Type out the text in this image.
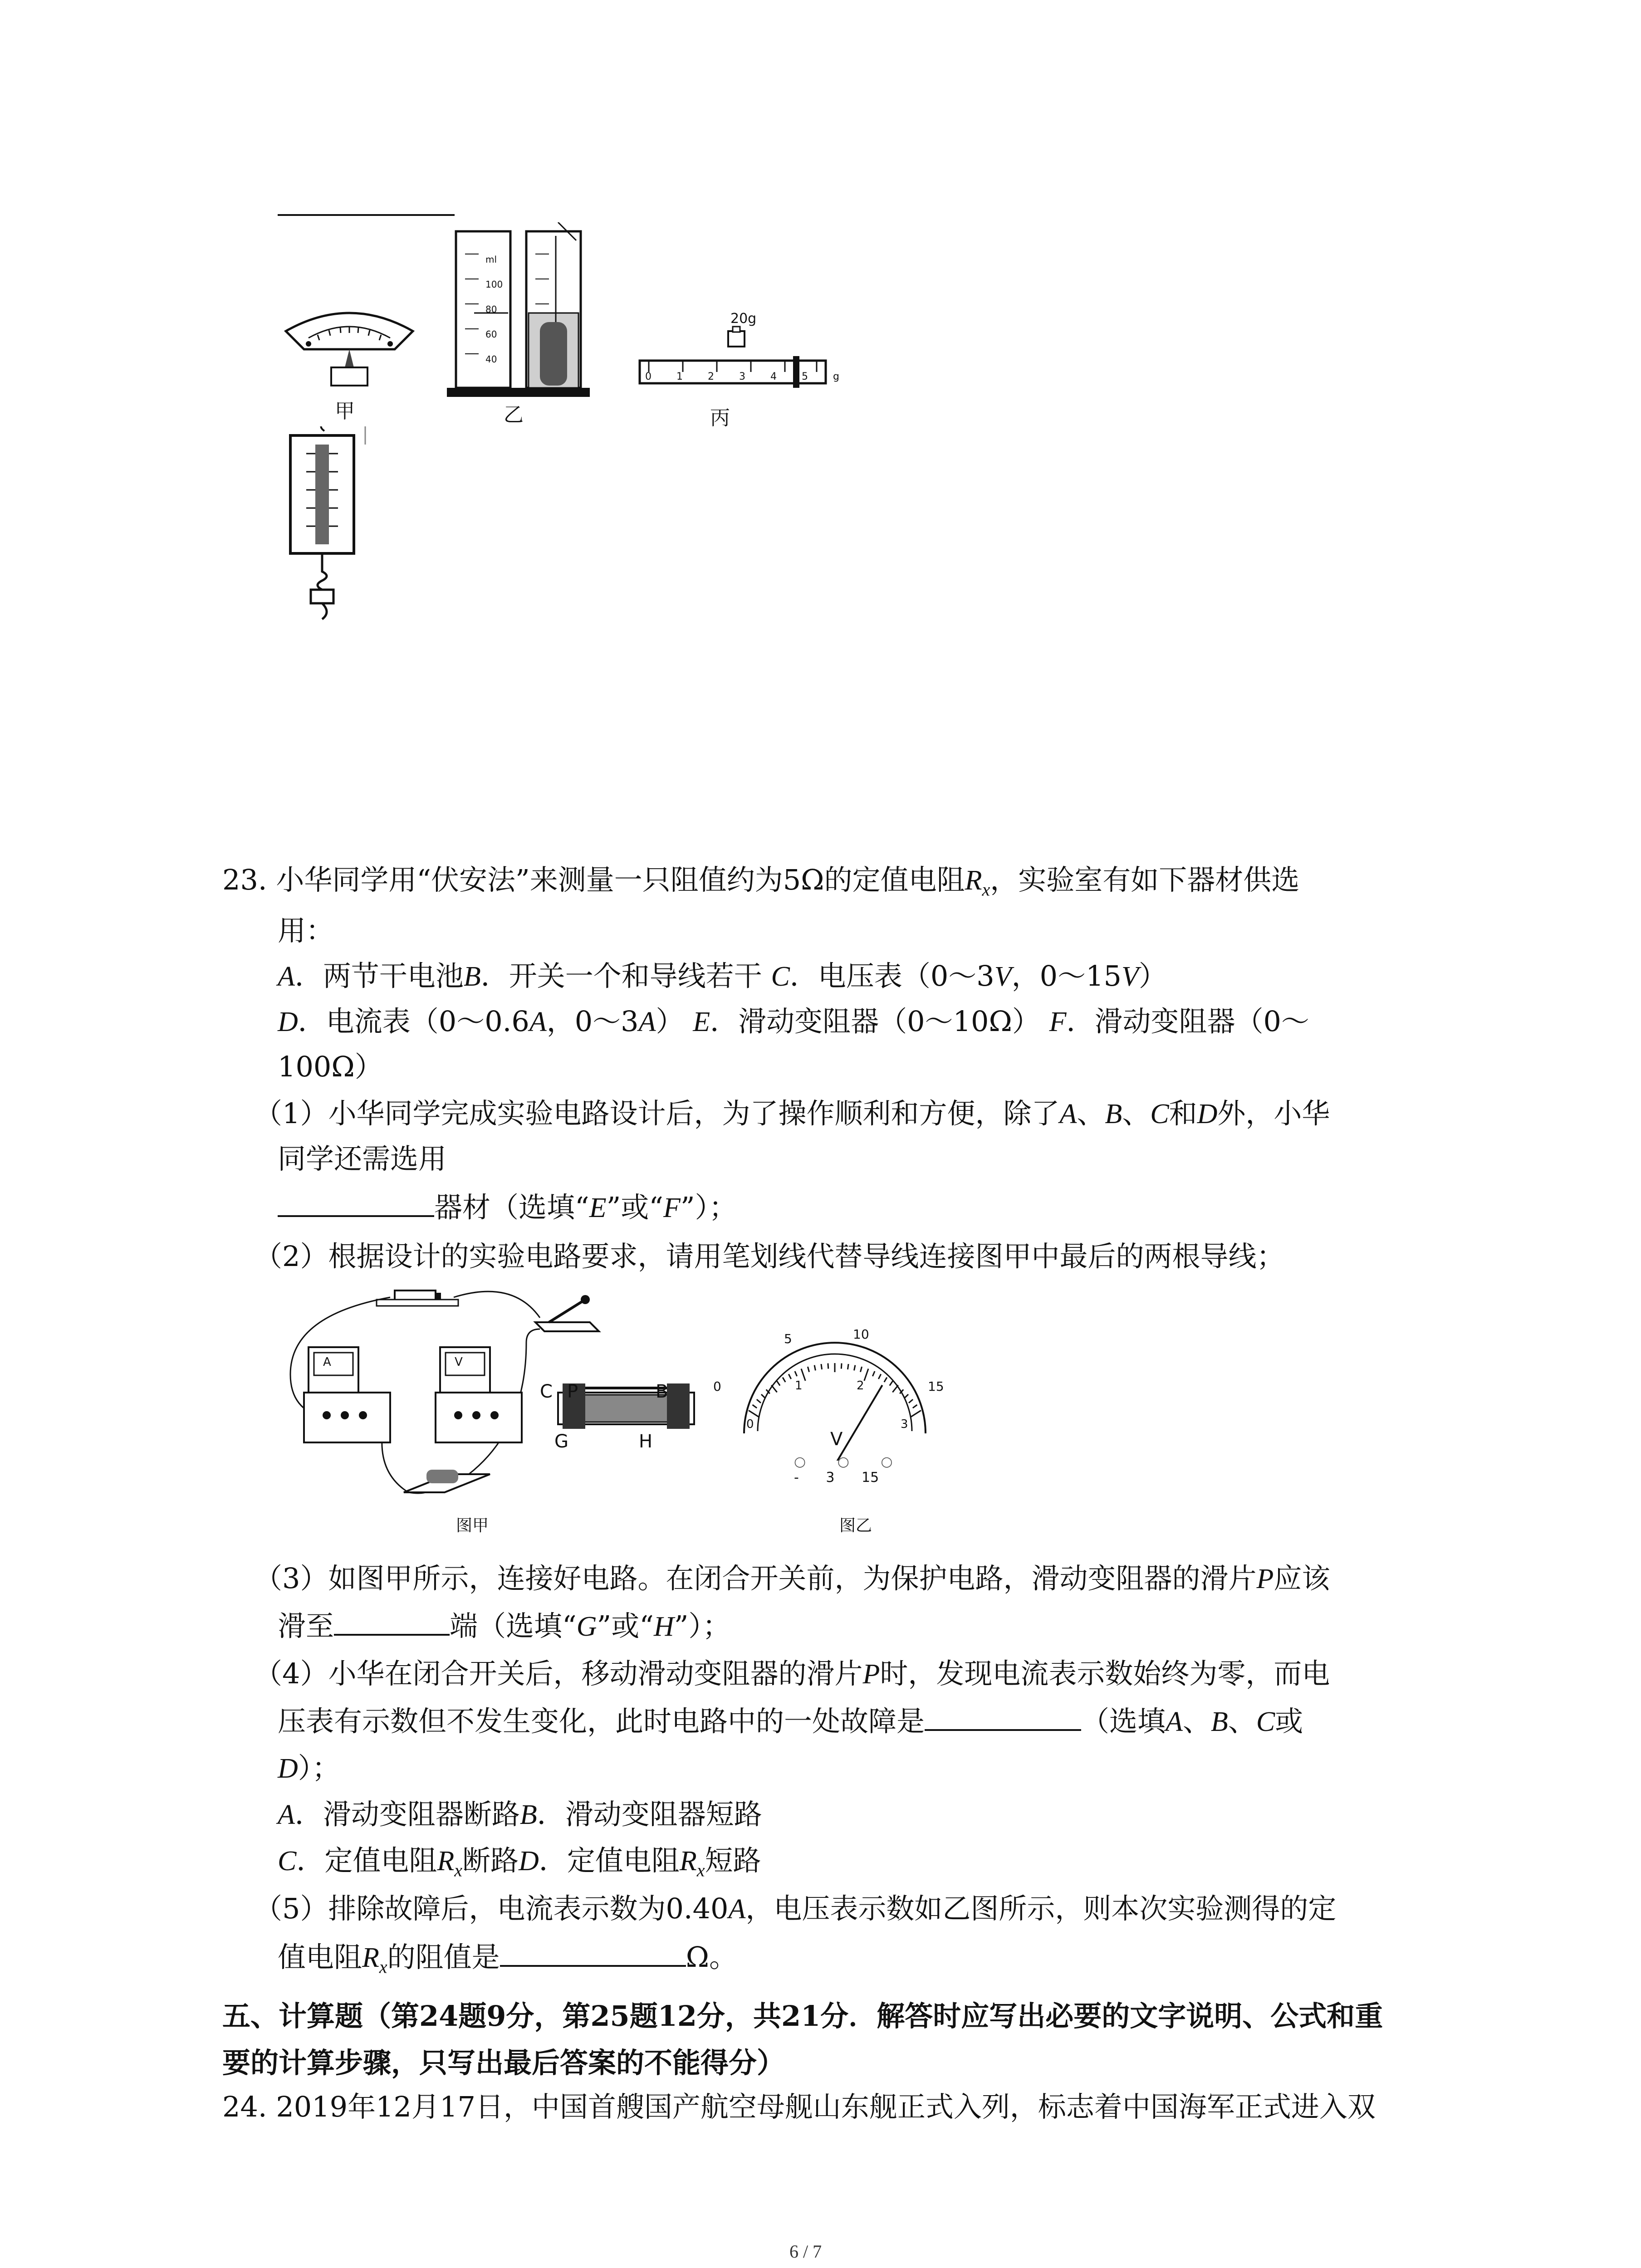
甲
ml
100
80
60
40
乙
20g
0	1	2	3	4	5	g
丙
23. 小华同学用“伏安法”来测量一只阻值约为5Ω的定值电阻$R_x$，实验室有如下器材供选
用：
A．两节干电池B．开关一个和导线若干 C．电压表（0～3V，0～15V）
D．电流表（0～0.6A，0～3A） E．滑动变阻器（0～10Ω） F．滑动变阻器（0～
100Ω）
（1）小华同学完成实验电路设计后，为了操作顺利和方便，除了A、B、C和D外，小华
同学还需选用
器材（选填“E”或“F”）；
（2）根据设计的实验电路要求，请用笔划线代替导线连接图甲中最后的两根导线；
C P	B
G	H
A	V
图甲
0
5	10
15
0
1	2
3
V
○ ○ ○
- 3 15
图乙
（3）如图甲所示，连接好电路。在闭合开关前，为保护电路，滑动变阻器的滑片P应该
滑至	端（选填“G”或“H”）；
（4）小华在闭合开关后，移动滑动变阻器的滑片P时，发现电流表示数始终为零，而电
压表有示数但不发生变化，此时电路中的一处故障是	（选填A、B、C或
D）；
A．滑动变阻器断路B．滑动变阻器短路
C．定值电阻$R_x$断路D．定值电阻$R_x$短路
（5）排除故障后，电流表示数为0.40A，电压表示数如乙图所示，则本次实验测得的定
值电阻$R_x$的阻值是	Ω。
五、计算题（第24题9分，第25题12分，共21分．解答时应写出必要的文字说明、公式和重
要的计算步骤，只写出最后答案的不能得分）
24. 2019年12月17日，中国首艘国产航空母舰山东舰正式入列，标志着中国海军正式进入双
6 / 7
